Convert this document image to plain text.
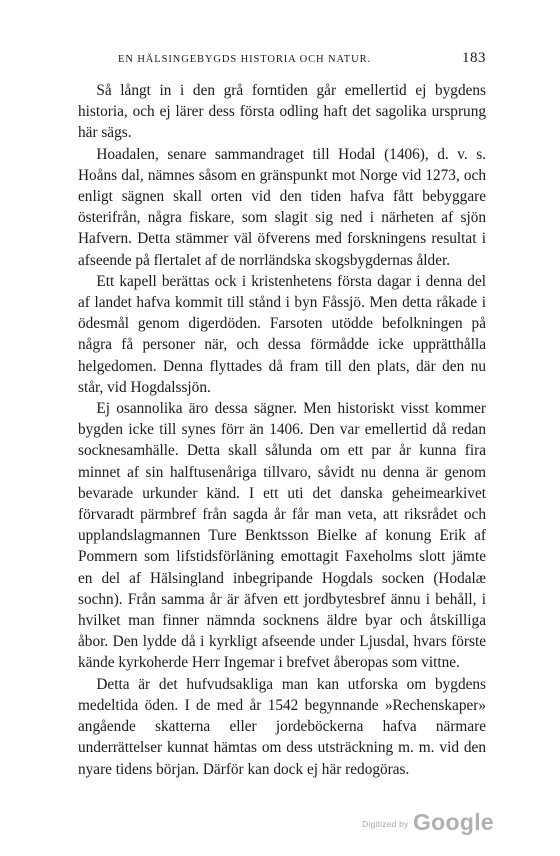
EN HÄLSINGEBYGDS HISTORIA OCH NATUR.	183

Så långt in i den grå forntiden går emellertid ej bygdens historia, och ej lärer dess första odling haft det sagolika ursprung här sägs.

Hoadalen, senare sammandraget till Hodal (1406), d. v. s. Hoåns dal, nämnes såsom en gränspunkt mot Norge vid 1273, och enligt sägnen skall orten vid den tiden hafva fått bebyggare österifrån, några fiskare, som slagit sig ned i närheten af sjön Hafvern. Detta stämmer väl öfverens med forskningens resultat i afseende på flertalet af de norrländska skogsbygdernas ålder.

Ett kapell berättas ock i kristenhetens första dagar i denna del af landet hafva kommit till stånd i byn Fåssjö. Men detta råkade i ödesmål genom digerdöden. Farsoten utödde befolkningen på några få personer när, och dessa förmådde icke upprätthålla helgedomen. Denna flyttades då fram till den plats, där den nu står, vid Hogdalssjön.

Ej osannolika äro dessa sägner. Men historiskt visst kommer bygden icke till synes förr än 1406. Den var emellertid då redan socknesamhälle. Detta skall sålunda om ett par år kunna fira minnet af sin halftusenåriga tillvaro, såvidt nu denna är genom bevarade urkunder känd. I ett uti det danska geheimearkivet förvaradt pärmbref från sagda år får man veta, att riksrådet och upplandslagmannen Ture Benktsson Bielke af konung Erik af Pommern som lifstidsförläning emottagit Faxeholms slott jämte en del af Hälsingland inbegripande Hogdals socken (Hodalæ sochn). Från samma år är äfven ett jordbytesbref ännu i behåll, i hvilket man finner nämnda socknens äldre byar och åtskilliga åbor. Den lydde då i kyrkligt afseende under Ljusdal, hvars förste kände kyrkoherde Herr Ingemar i brefvet åberopas som vittne.

Detta är det hufvudsakliga man kan utforska om bygdens medeltida öden. I de med år 1542 begynnande »Rechenskaper» angående skatterna eller jordeböckerna hafva närmare underrättelser kunnat hämtas om dess utsträckning m. m. vid den nyare tidens början. Därför kan dock ej här redogöras.

Digitized by Google
